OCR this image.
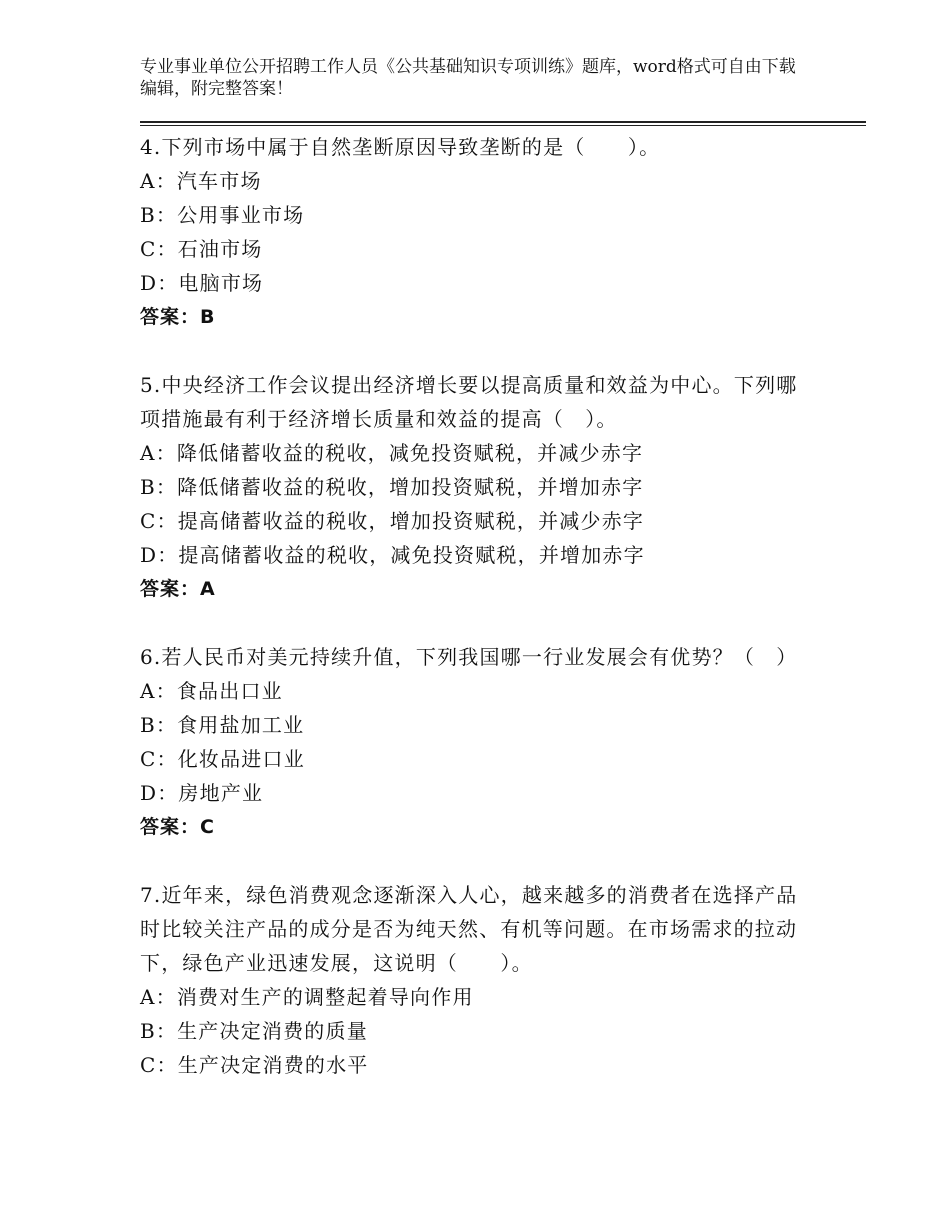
专业事业单位公开招聘工作人员《公共基础知识专项训练》题库，word格式可自由下载编辑，附完整答案！
4.下列市场中属于自然垄断原因导致垄断的是（　　）。
A：汽车市场
B：公用事业市场
C：石油市场
D：电脑市场
答案：B
5.中央经济工作会议提出经济增长要以提高质量和效益为中心。下列哪项措施最有利于经济增长质量和效益的提高（　）。
A：降低储蓄收益的税收，减免投资赋税，并减少赤字
B：降低储蓄收益的税收，增加投资赋税，并增加赤字
C：提高储蓄收益的税收，增加投资赋税，并减少赤字
D：提高储蓄收益的税收，减免投资赋税，并增加赤字
答案：A
6.若人民币对美元持续升值，下列我国哪一行业发展会有优势？（　）
A：食品出口业
B：食用盐加工业
C：化妆品进口业
D：房地产业
答案：C
7.近年来，绿色消费观念逐渐深入人心，越来越多的消费者在选择产品时比较关注产品的成分是否为纯天然、有机等问题。在市场需求的拉动下，绿色产业迅速发展，这说明（　　）。
A：消费对生产的调整起着导向作用
B：生产决定消费的质量
C：生产决定消费的水平
